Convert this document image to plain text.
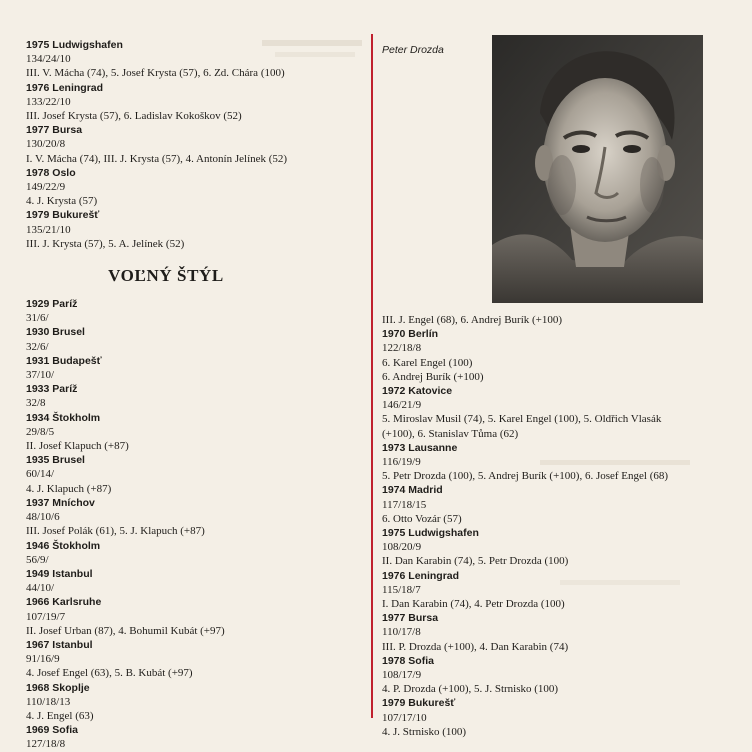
1975 Ludwigshafen
134/24/10
III. V. Mácha (74), 5. Josef Krysta (57), 6. Zd. Chára (100)
1976 Leningrad
133/22/10
III. Josef Krysta (57), 6. Ladislav Kokoškov (52)
1977 Bursa
130/20/8
I. V. Mácha (74), III. J. Krysta (57), 4. Antonín Jelínek (52)
1978 Oslo
149/22/9
4. J. Krysta (57)
1979 Bukurešť
135/21/10
III. J. Krysta (57), 5. A. Jelínek (52)
VOĽNÝ ŠTÝL
1929 Paríž
31/6/
1930 Brusel
32/6/
1931 Budapešť
37/10/
1933 Paríž
32/8
1934 Štokholm
29/8/5
II. Josef Klapuch (+87)
1935 Brusel
60/14/
4. J. Klapuch (+87)
1937 Mníchov
48/10/6
III. Josef Polák (61), 5. J. Klapuch (+87)
1946 Štokholm
56/9/
1949 Istanbul
44/10/
1966 Karlsruhe
107/19/7
II. Josef Urban (87), 4. Bohumil Kubát (+97)
1967 Istanbul
91/16/9
4. Josef Engel (63), 5. B. Kubát (+97)
1968 Skoplje
110/18/13
4. J. Engel (63)
1969 Sofia
127/18/8
Peter Drozda
III. J. Engel (68), 6. Andrej Burík (+100)
1970 Berlín
122/18/8
6. Karel Engel (100)
6. Andrej Burík (+100)
1972 Katovice
146/21/9
5. Miroslav Musil (74), 5. Karel Engel (100), 5. Oldřich Vlasák
(+100), 6. Stanislav Tůma (62)
1973 Lausanne
116/19/9
5. Petr Drozda (100), 5. Andrej Burík (+100), 6. Josef Engel (68)
1974 Madrid
117/18/15
6. Otto Vozár (57)
1975 Ludwigshafen
108/20/9
II. Dan Karabin (74), 5. Petr Drozda (100)
1976 Leningrad
115/18/7
I. Dan Karabin (74), 4. Petr Drozda (100)
1977 Bursa
110/17/8
III. P. Drozda (+100), 4. Dan Karabin (74)
1978 Sofia
108/17/9
4. P. Drozda (+100), 5. J. Strnisko (100)
1979 Bukurešť
107/17/10
4. J. Strnisko (100)
